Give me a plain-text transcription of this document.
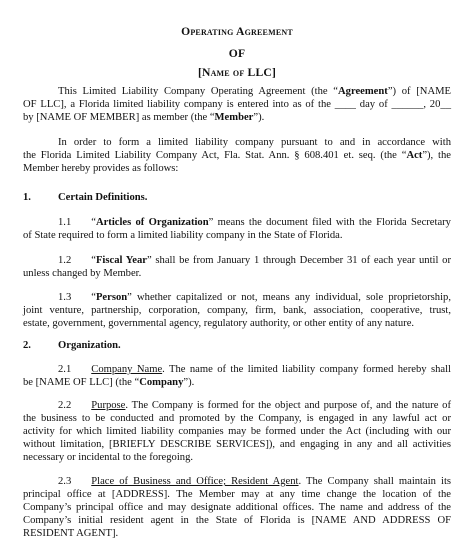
Operating Agreement
OF
[Name of LLC]
This Limited Liability Company Operating Agreement (the “Agreement”) of [NAME
OF LLC], a Florida limited liability company is entered into as of the ____ day of ______, 20__
by [NAME OF MEMBER] as member (the “Member”).
In order to form a limited liability company pursuant to and in accordance with
the Florida Limited Liability Company Act, Fla. Stat. Ann. § 608.401 et. seq. (the “Act”), the
Member hereby provides as follows:
1.	Certain Definitions.
1.1 “Articles of Organization” means the document filed with the Florida Secretary
of State required to form a limited liability company in the State of Florida.
1.2 “Fiscal Year” shall be from January 1 through December 31 of each year until or
unless changed by Member.
1.3 “Person” whether capitalized or not, means any individual, sole proprietorship,
joint venture, partnership, corporation, company, firm, bank, association, cooperative, trust,
estate, government, governmental agency, regulatory authority, or other entity of any nature.
2.	Organization.
2.1 Company Name. The name of the limited liability company formed hereby shall
be [NAME OF LLC] (the “Company”).
2.2 Purpose. The Company is formed for the object and purpose of, and the nature of
the business to be conducted and promoted by the Company, is engaged in any lawful act or
activity for which limited liability companies may be formed under the Act (including with our
without limitation, [BRIEFLY DESCRIBE SERVICES]), and engaging in any and all activities
necessary or incidental to the foregoing.
2.3 Place of Business and Office; Resident Agent. The Company shall maintain its
principal office at [ADDRESS]. The Member may at any time change the location of the
Company’s principal office and may designate additional offices. The name and address of the
Company’s initial resident agent in the State of Florida is [NAME AND ADDRESS OF
RESIDENT AGENT].
